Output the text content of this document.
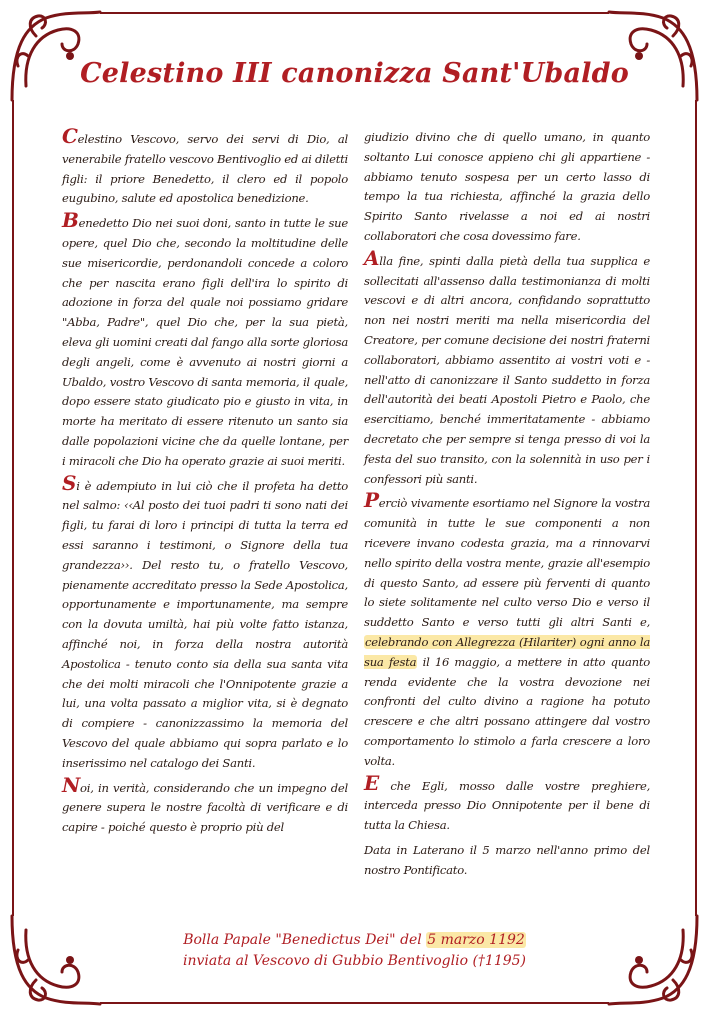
Celestino III canonizza Sant'Ubaldo

Celestino Vescovo, servo dei servi di Dio, al venerabile fratello vescovo Bentivoglio ed ai diletti figli: il priore Benedetto, il clero ed il popolo eugubino, salute ed apostolica benedizione.

Benedetto Dio nei suoi doni, santo in tutte le sue opere, quel Dio che, secondo la moltitudine delle sue misericordie, perdonandoli concede a coloro che per nascita erano figli dell'ira lo spirito di adozione in forza del quale noi possiamo gridare "Abba, Padre", quel Dio che, per la sua pietà, eleva gli uomini creati dal fango alla sorte gloriosa degli angeli, come è avvenuto ai nostri giorni a Ubaldo, vostro Vescovo di santa memoria, il quale, dopo essere stato giudicato pio e giusto in vita, in morte ha meritato di essere ritenuto un santo sia dalle popolazioni vicine che da quelle lontane, per i miracoli che Dio ha operato grazie ai suoi meriti.

Si è adempiuto in lui ciò che il profeta ha detto nel salmo: ‹‹Al posto dei tuoi padri ti sono nati dei figli, tu farai di loro i principi di tutta la terra ed essi saranno i testimoni, o Signore della tua grandezza››. Del resto tu, o fratello Vescovo, pienamente accreditato presso la Sede Apostolica, opportunamente e importunamente, ma sempre con la dovuta umiltà, hai più volte fatto istanza, affinché noi, in forza della nostra autorità Apostolica - tenuto conto sia della sua santa vita che dei molti miracoli che l'Onnipotente grazie a lui, una volta passato a miglior vita, si è degnato di compiere - canonizzassimo la memoria del Vescovo del quale abbiamo qui sopra parlato e lo inserissimo nel catalogo dei Santi.

Noi, in verità, considerando che un impegno del genere supera le nostre facoltà di verificare e di capire - poiché questo è proprio più del

giudizio divino che di quello umano, in quanto soltanto Lui conosce appieno chi gli appartiene - abbiamo tenuto sospesa per un certo lasso di tempo la tua richiesta, affinché la grazia dello Spirito Santo rivelasse a noi ed ai nostri collaboratori che cosa dovessimo fare.

Alla fine, spinti dalla pietà della tua supplica e sollecitati all'assenso dalla testimonianza di molti vescovi e di altri ancora, confidando soprattutto non nei nostri meriti ma nella misericordia del Creatore, per comune decisione dei nostri fraterni collaboratori, abbiamo assentito ai vostri voti e - nell'atto di canonizzare il Santo suddetto in forza dell'autorità dei beati Apostoli Pietro e Paolo, che esercitiamo, benché immeritatamente - abbiamo decretato che per sempre si tenga presso di voi la festa del suo transito, con la solennità in uso per i confessori più santi.

Perciò vivamente esortiamo nel Signore la vostra comunità in tutte le sue componenti a non ricevere invano codesta grazia, ma a rinnovarvi nello spirito della vostra mente, grazie all'esempio di questo Santo, ad essere più ferventi di quanto lo siete solitamente nel culto verso Dio e verso il suddetto Santo e verso tutti gli altri Santi e, celebrando con Allegrezza (Hilariter) ogni anno la sua festa il 16 maggio, a mettere in atto quanto renda evidente che la vostra devozione nei confronti del culto divino a ragione ha potuto crescere e che altri possano attingere dal vostro comportamento lo stimolo a farla crescere a loro volta.

E che Egli, mosso dalle vostre preghiere, interceda presso Dio Onnipotente per il bene di tutta la Chiesa.

Data in Laterano il 5 marzo nell'anno primo del nostro Pontificato.

Bolla Papale "Benedictus Dei" del 5 marzo 1192
inviata al Vescovo di Gubbio Bentivoglio (†1195)
